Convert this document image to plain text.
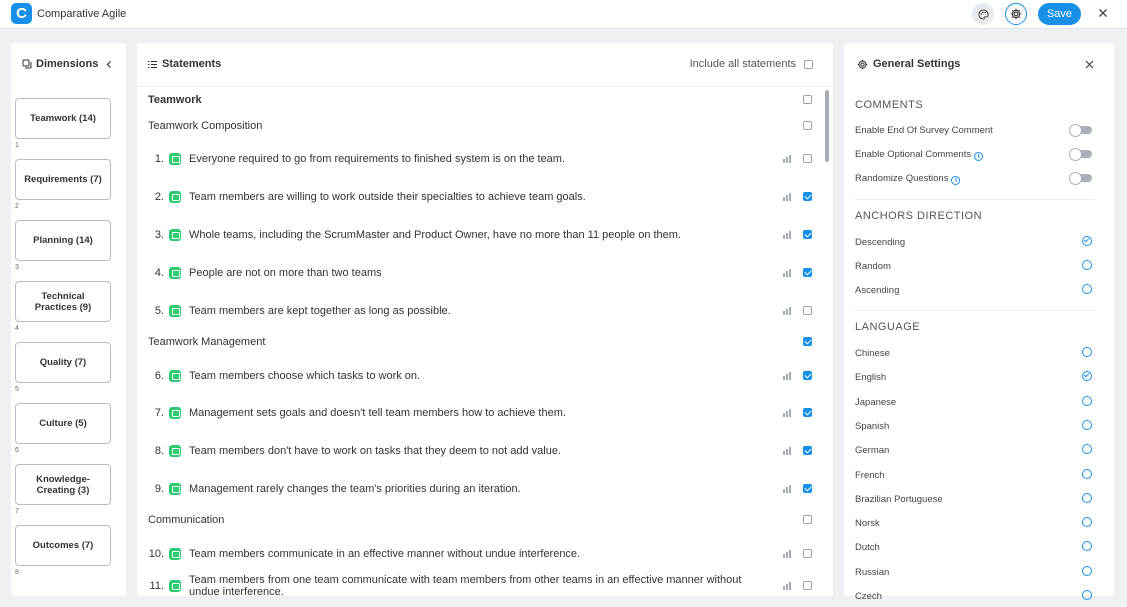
C Comparative Agile	Save
Dimensions
Teamwork (14)
1
Requirements (7)
2
Planning (14)
3
Technical Practices (9)
4
Quality (7)
5
Culture (5)
6
Knowledge-Creating (3)
7
Outcomes (7)
8
Statements	Include all statements
Teamwork
Teamwork Composition
1. Everyone required to go from requirements to finished system is on the team.
2. Team members are willing to work outside their specialties to achieve team goals.
3. Whole teams, including the ScrumMaster and Product Owner, have no more than 11 people on them.
4. People are not on more than two teams
5. Team members are kept together as long as possible.
Teamwork Management
6. Team members choose which tasks to work on.
7. Management sets goals and doesn't tell team members how to achieve them.
8. Team members don't have to work on tasks that they deem to not add value.
9. Management rarely changes the team's priorities during an iteration.
Communication
10. Team members communicate in an effective manner without undue interference.
11. Team members from one team communicate with team members from other teams in an effective manner without undue interference.
General Settings
COMMENTS
Enable End Of Survey Comment
Enable Optional Comments i
Randomize Questions i
ANCHORS DIRECTION
Descending
Random
Ascending
LANGUAGE
Chinese
English
Japanese
Spanish
German
French
Brazilian Portuguese
Norsk
Dutch
Russian
Czech
